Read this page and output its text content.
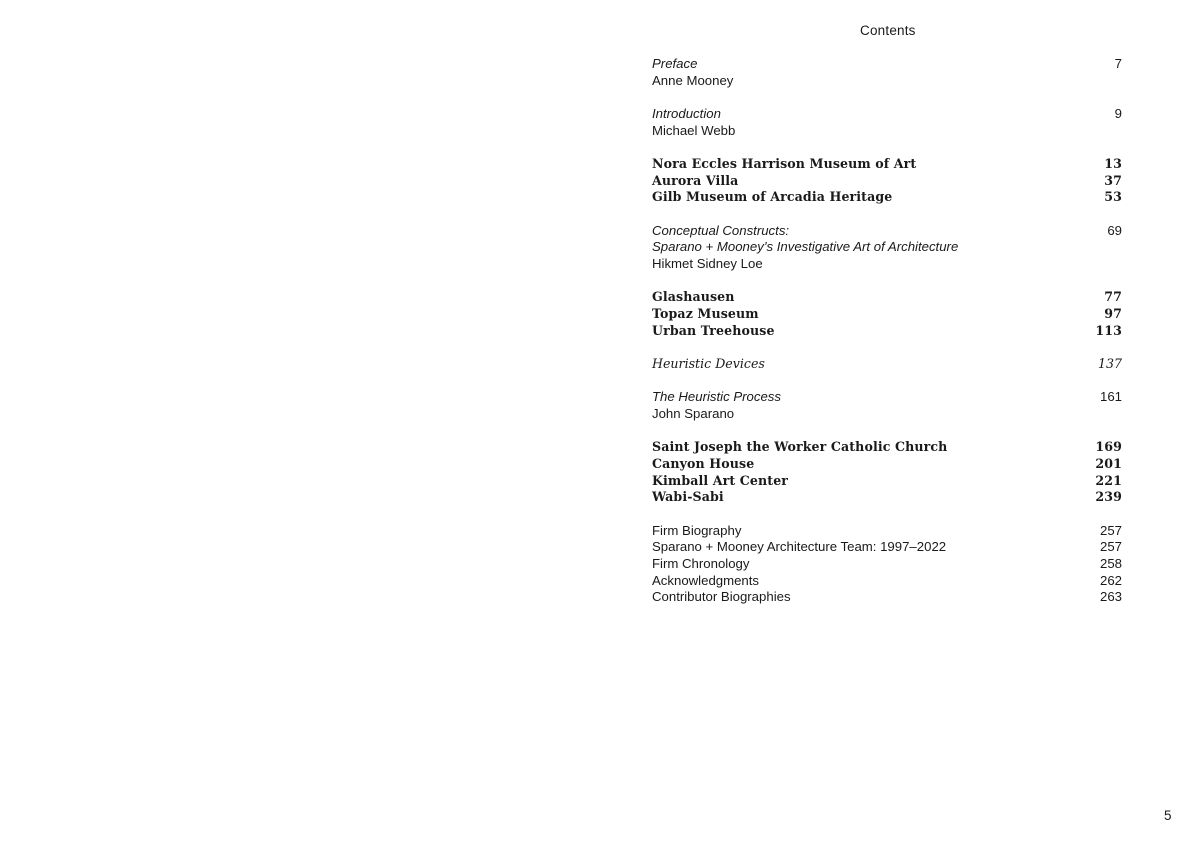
Contents
Preface	7
Anne Mooney
Introduction	9
Michael Webb
Nora Eccles Harrison Museum of Art	13
Aurora Villa	37
Gilb Museum of Arcadia Heritage	53
Conceptual Constructs:	69
Sparano + Mooney’s Investigative Art of Architecture
Hikmet Sidney Loe
Glashausen	77
Topaz Museum	97
Urban Treehouse	113
Heuristic Devices	137
The Heuristic Process	161
John Sparano
Saint Joseph the Worker Catholic Church	169
Canyon House	201
Kimball Art Center	221
Wabi-Sabi	239
Firm Biography	257
Sparano + Mooney Architecture Team: 1997–2022	257
Firm Chronology	258
Acknowledgments	262
Contributor Biographies	263
5
